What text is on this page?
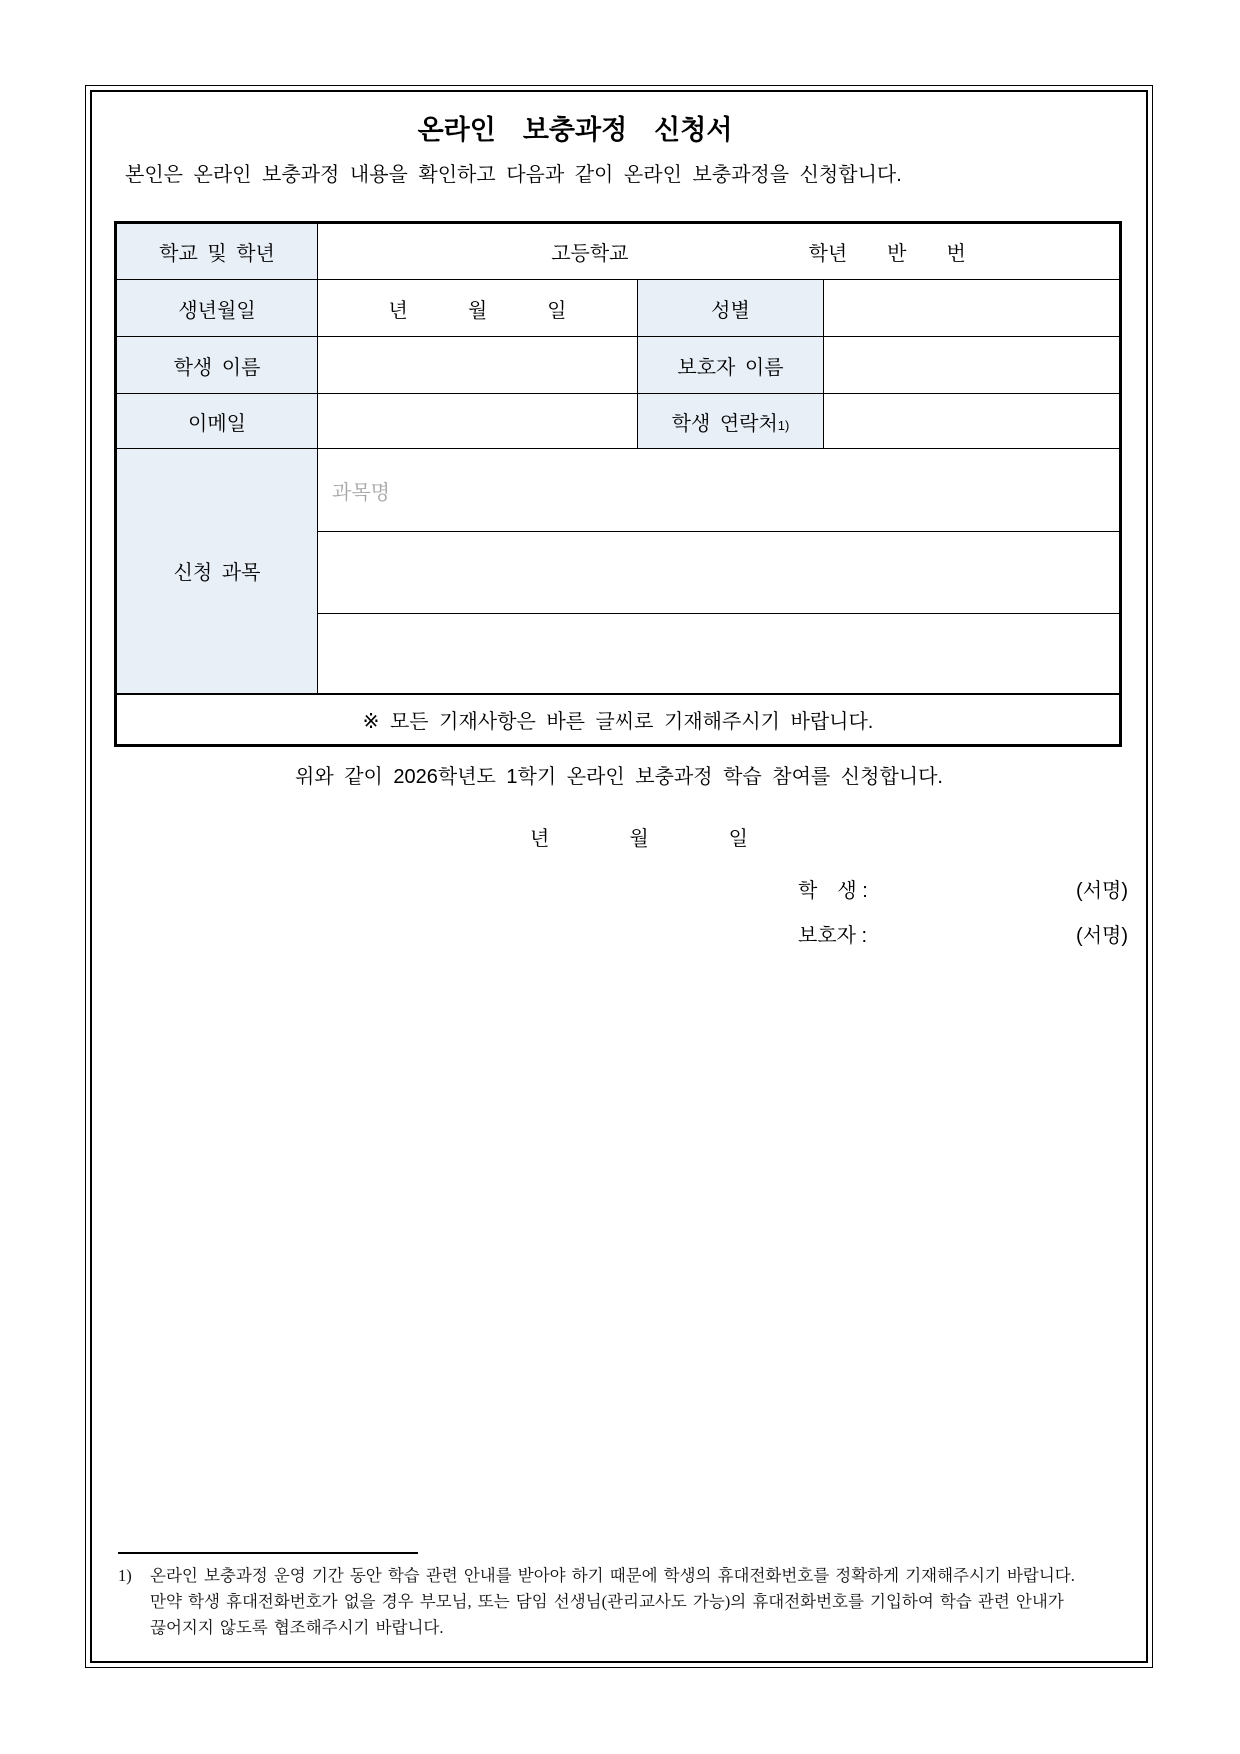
온라인  보충과정  신청서
본인은 온라인 보충과정 내용을 확인하고 다음과 같이 온라인 보충과정을 신청합니다.
학교 및 학년	고등학교　　　　　　　　　학년　　반　　번		
생년월일	년　　　월　　　일	성별	
학생 이름		보호자 이름	
이메일		학생 연락처1)	
신청 과목	과목명		

※ 모든 기재사항은 바른 글씨로 기재해주시기 바랍니다.			
위와 같이 2026학년도 1학기 온라인 보충과정 학습 참여를 신청합니다.
년　　　　월　　　　일
학　생 :	(서명)
보호자 :	(서명)
1) 온라인 보충과정 운영 기간 동안 학습 관련 안내를 받아야 하기 때문에 학생의 휴대전화번호를 정확하게 기재해주시기 바랍니다.
만약 학생 휴대전화번호가 없을 경우 부모님, 또는 담임 선생님(관리교사도 가능)의 휴대전화번호를 기입하여 학습 관련 안내가
끊어지지 않도록 협조해주시기 바랍니다.
